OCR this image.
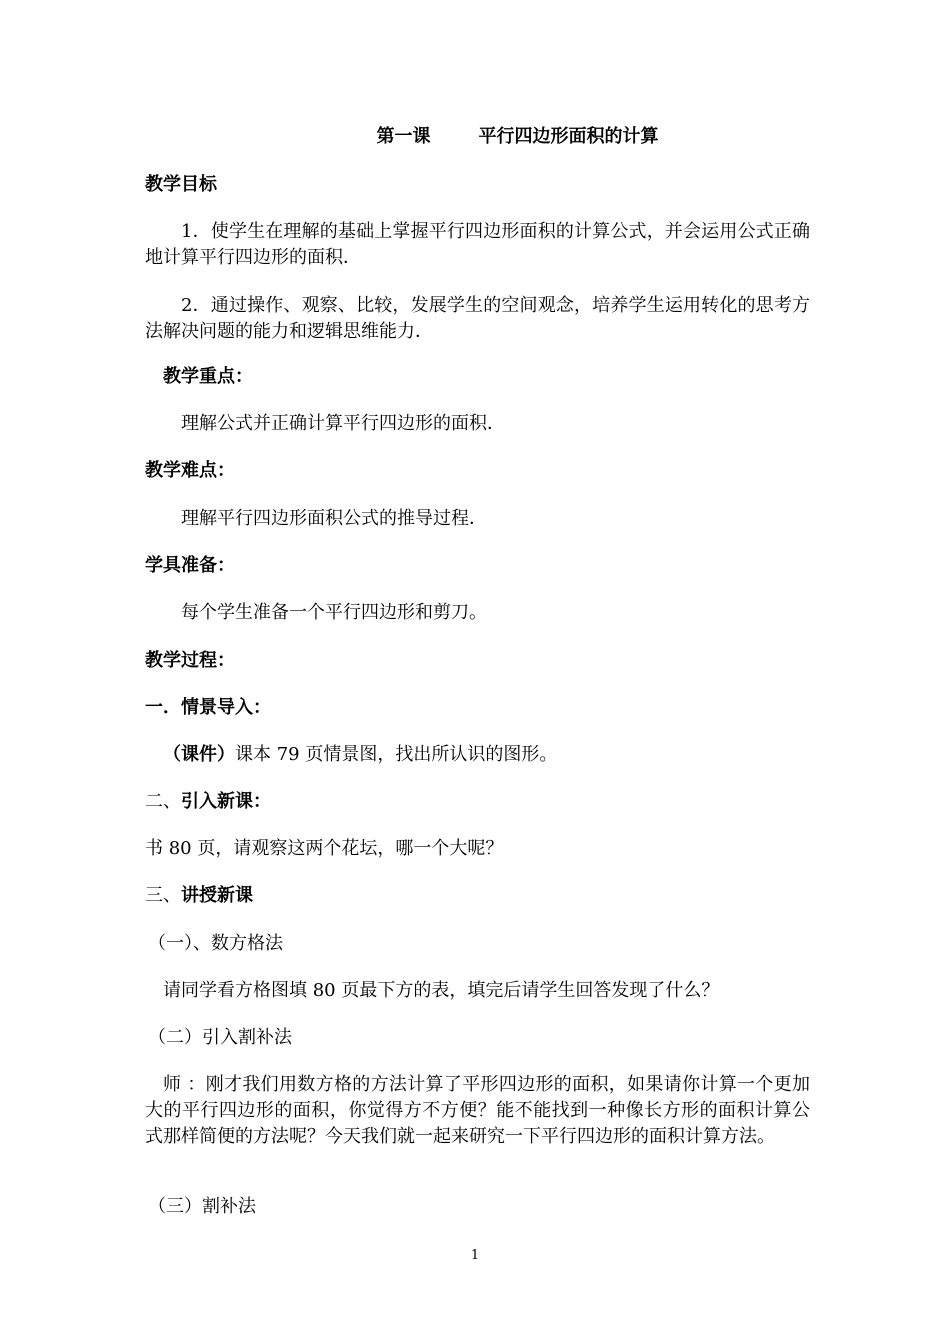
第一课	平行四边形面积的计算
教学目标
1．使学生在理解的基础上掌握平行四边形面积的计算公式，并会运用公式正确地计算平行四边形的面积．
2．通过操作、观察、比较，发展学生的空间观念，培养学生运用转化的思考方法解决问题的能力和逻辑思维能力．
教学重点：
理解公式并正确计算平行四边形的面积．
教学难点：
理解平行四边形面积公式的推导过程．
学具准备：
每个学生准备一个平行四边形和剪刀。
教学过程：
一．情景导入：
（课件）课本 79 页情景图，找出所认识的图形。
二、引入新课：
书 80 页，请观察这两个花坛，哪一个大呢？
三、讲授新课
（一）、数方格法
请同学看方格图填 80 页最下方的表，填完后请学生回答发现了什么？
（二）引入割补法
师 ：刚才我们用数方格的方法计算了平形四边形的面积，如果请你计算一个更加大的平行四边形的面积，你觉得方不方便？能不能找到一种像长方形的面积计算公式那样简便的方法呢？今天我们就一起来研究一下平行四边形的面积计算方法。
（三）割补法
1
